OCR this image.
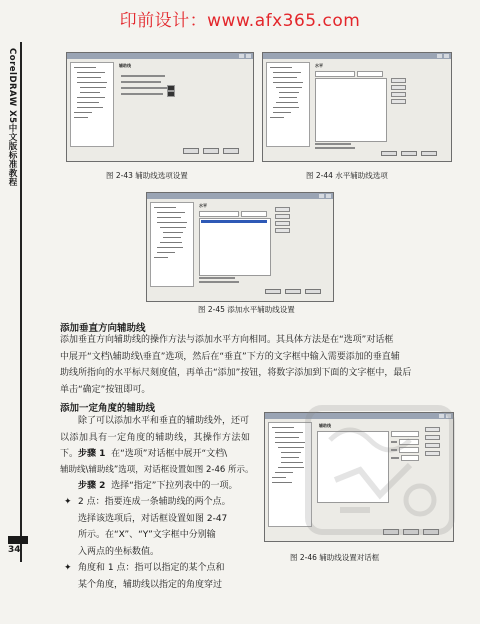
印前设计：www.afx365.com
CorelDRAW X5中文版标准教程
34
辅助线
图 2-43 辅助线选项设置
水平
图 2-44 水平辅助线选项
水平
图 2-45 添加水平辅助线设置
添加垂直方向辅助线
添加垂直方向辅助线的操作方法与添加水平方向相同。其具体方法是在“选项”对话框
中展开“文档\辅助线\垂直”选项，然后在“垂直”下方的文字框中输入需要添加的垂直辅
助线所指向的水平标尺刻度值，再单击“添加”按钮，将数字添加到下面的文字框中，最后
单击“确定”按钮即可。
添加一定角度的辅助线
除了可以添加水平和垂直的辅助线外，还可
以添加具有一定角度的辅助线，其操作方法如下。 步骤 1 在“选项”对话框中展开“文档\
辅助线\辅助线”选项，对话框设置如图 2-46 所示。
步骤 2 选择“指定”下拉列表中的一项。
✦ 2 点：指要连成一条辅助线的两个点。
选择该选项后，对话框设置如图 2-47
所示。在“X”、“Y”文字框中分别输
入两点的坐标数值。
✦ 角度和 1 点：指可以指定的某个点和
某个角度，辅助线以指定的角度穿过
辅助线
图 2-46 辅助线设置对话框
